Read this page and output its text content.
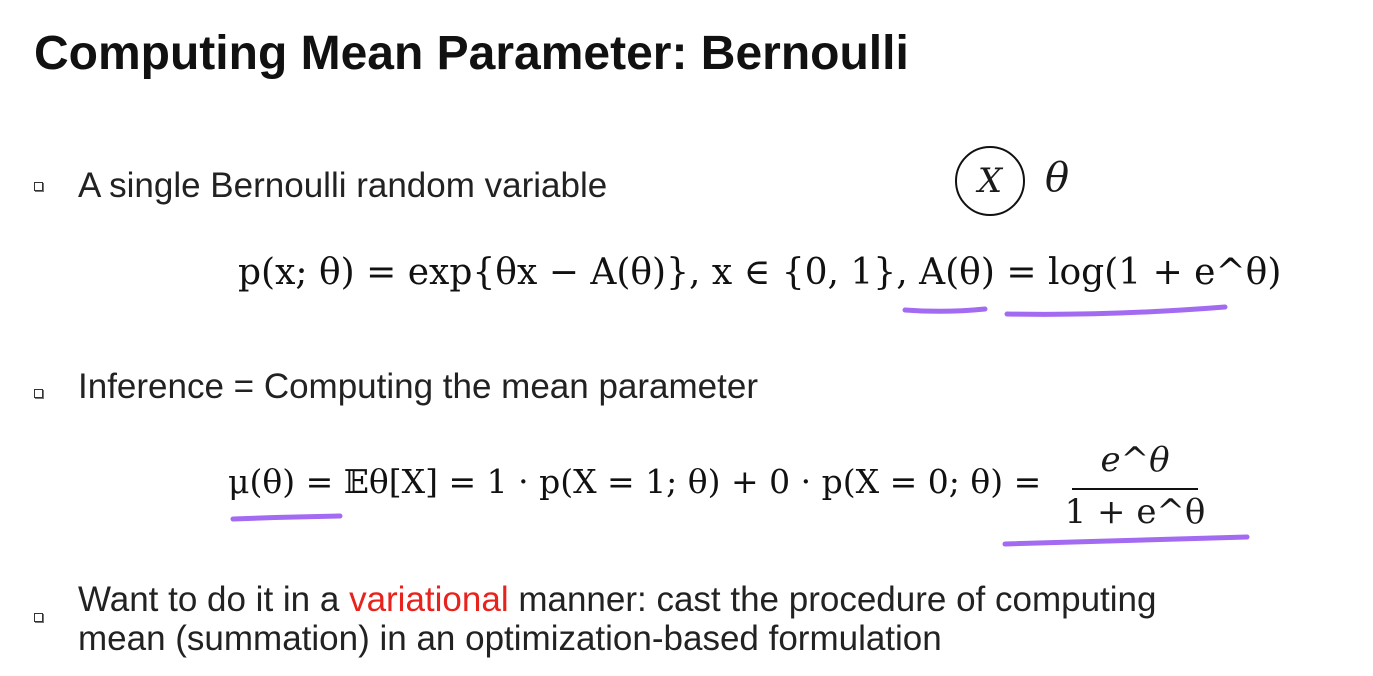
Computing Mean Parameter: Bernoulli
A single Bernoulli random variable	X	θ
p(x; θ) = exp{θx − A(θ)}, x ∈ {0, 1}, A(θ) = log(1 + e^θ)
Inference = Computing the mean parameter
μ(θ) = 𝔼θ[X] = 1 · p(X = 1; θ) + 0 · p(X = 0; θ) =
e^θ
1 + e^θ
Want to do it in a variational manner: cast the procedure of computing
mean (summation) in an optimization-based formulation
